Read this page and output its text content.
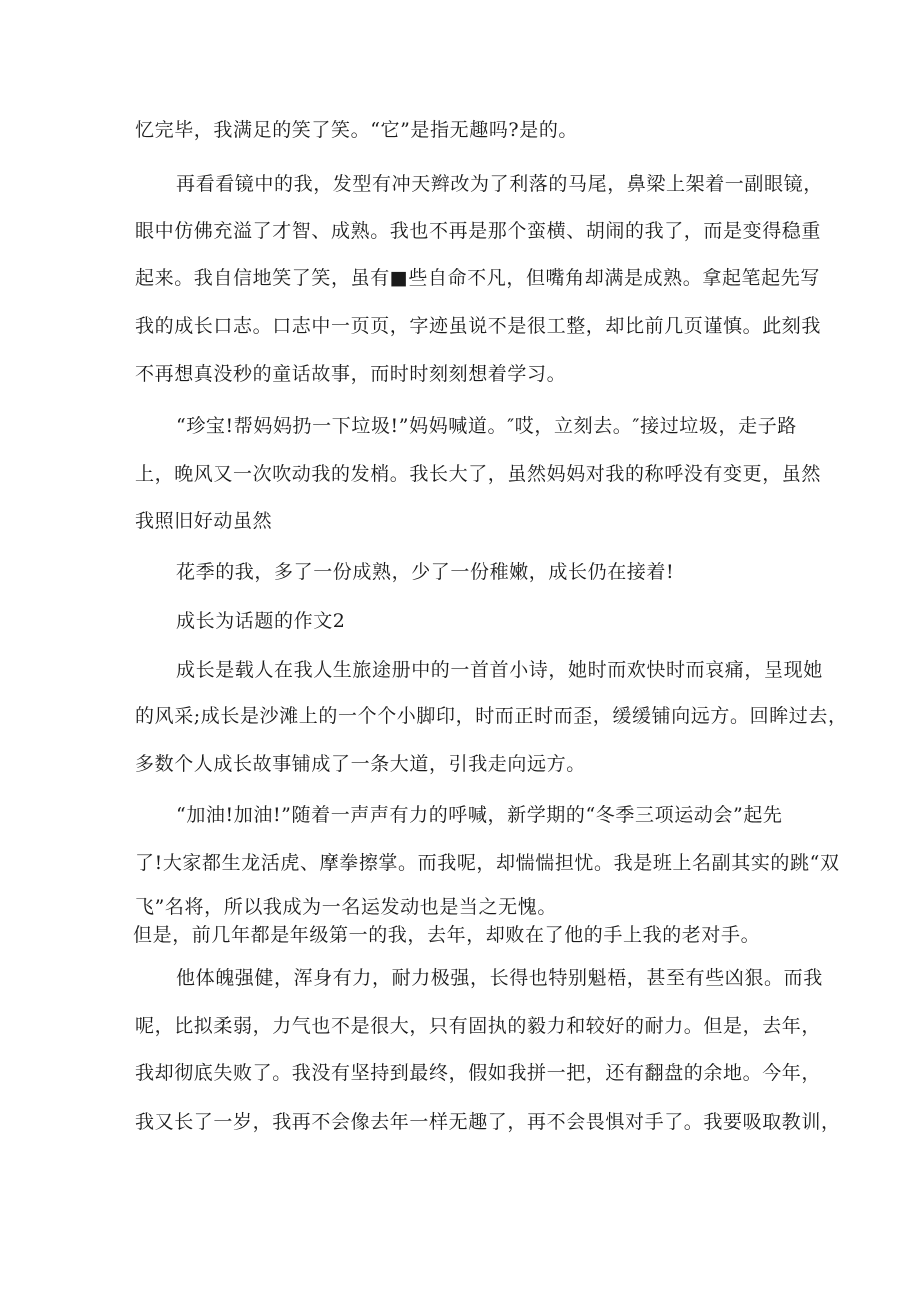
忆完毕，我满足的笑了笑。“它”是指无趣吗?是的。
再看看镜中的我，发型有冲天辫改为了利落的马尾，鼻梁上架着一副眼镜，
眼中仿佛充溢了才智、成熟。我也不再是那个蛮横、胡闹的我了，而是变得稳重
起来。我自信地笑了笑，虽有■些自命不凡，但嘴角却满是成熟。拿起笔起先写
我的成长口志。口志中一页页，字迹虽说不是很工整，却比前几页谨慎。此刻我
不再想真没秒的童话故事，而时时刻刻想着学习。
“珍宝!帮妈妈扔一下垃圾!”妈妈喊道。″哎，立刻去。″接过垃圾，走子路
上，晚风又一次吹动我的发梢。我长大了，虽然妈妈对我的称呼没有变更，虽然
我照旧好动虽然
花季的我，多了一份成熟，少了一份稚嫩，成长仍在接着!
成长为话题的作文2
成长是载人在我人生旅途册中的一首首小诗，她时而欢快时而哀痛，呈现她
的风采;成长是沙滩上的一个个小脚印，时而正时而歪，缓缓铺向远方。回眸过去，
多数个人成长故事铺成了一条大道，引我走向远方。
“加油!加油!”随着一声声有力的呼喊，新学期的“冬季三项运动会”起先
了!大家都生龙活虎、摩拳擦掌。而我呢，却惴惴担忧。我是班上名副其实的跳“双
飞”名将，所以我成为一名运发动也是当之无愧。
但是，前几年都是年级第一的我，去年，却败在了他的手上我的老对手。
他体魄强健，浑身有力，耐力极强，长得也特别魁梧，甚至有些凶狠。而我
呢，比拟柔弱，力气也不是很大，只有固执的毅力和较好的耐力。但是，去年，
我却彻底失败了。我没有坚持到最终，假如我拼一把，还有翻盘的余地。今年，
我又长了一岁，我再不会像去年一样无趣了，再不会畏惧对手了。我要吸取教训，
